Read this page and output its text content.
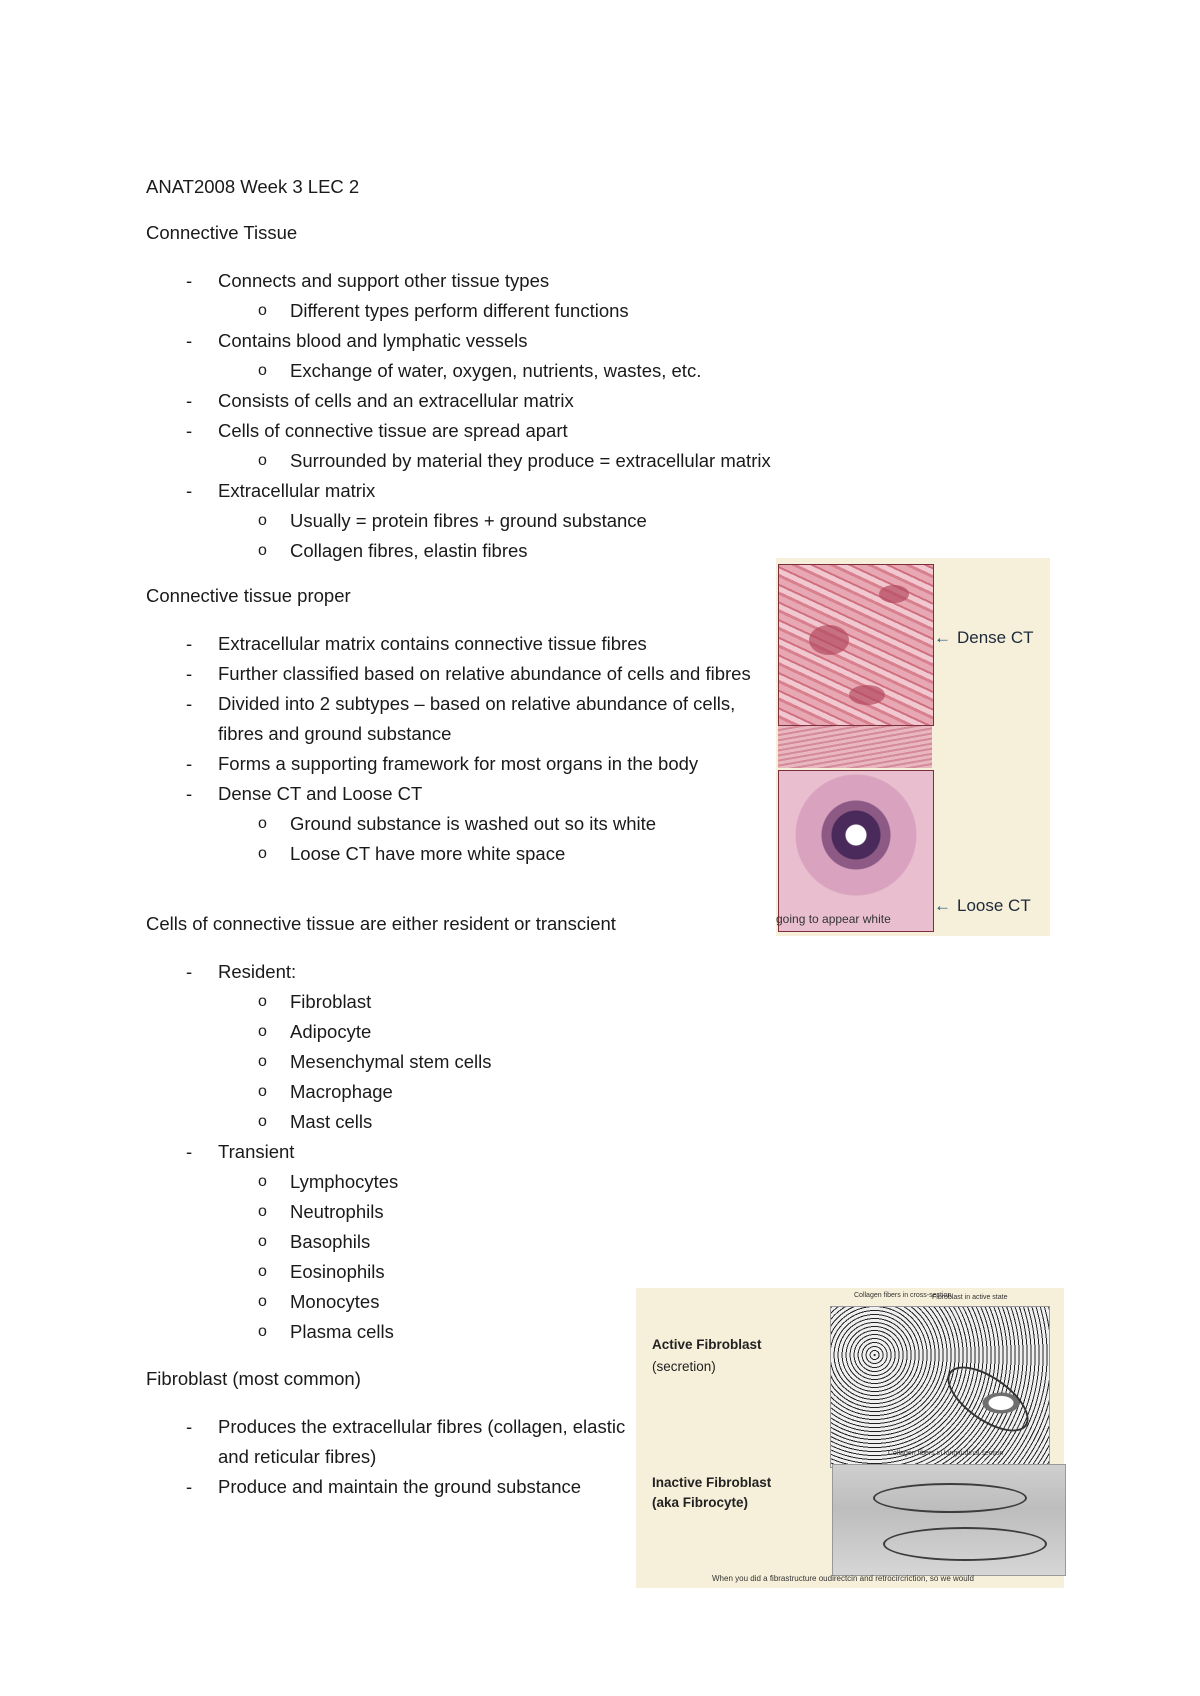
ANAT2008 Week 3 LEC 2
Connective Tissue
- Connects and support other tissue types
o Different types perform different functions
- Contains blood and lymphatic vessels
o Exchange of water, oxygen, nutrients, wastes, etc.
- Consists of cells and an extracellular matrix
- Cells of connective tissue are spread apart
o Surrounded by material they produce = extracellular matrix
- Extracellular matrix
o Usually = protein fibres + ground substance
o Collagen fibres, elastin fibres
Connective tissue proper
- Extracellular matrix contains connective tissue fibres
- Further classified based on relative abundance of cells and fibres
- Divided into 2 subtypes – based on relative abundance of cells, fibres and ground substance
- Forms a supporting framework for most organs in the body
- Dense CT and Loose CT
o Ground substance is washed out so its white
o Loose CT have more white space
Cells of connective tissue are either resident or transcient
- Resident:
o Fibroblast
o Adipocyte
o Mesenchymal stem cells
o Macrophage
o Mast cells
- Transient
o Lymphocytes
o Neutrophils
o Basophils
o Eosinophils
o Monocytes
o Plasma cells
Fibroblast (most common)
- Produces the extracellular fibres (collagen, elastic and reticular fibres)
- Produce and maintain the ground substance
going to appear white
← Dense CT
← Loose CT
Active Fibroblast
(secretion)
Inactive Fibroblast
(aka Fibrocyte)
Collagen fibers in cross-section
Fibroblast in active state
Collagen fibers in longitudinal section
When you did a fibrastructure oudirectcin and retrocircriction, so we would
